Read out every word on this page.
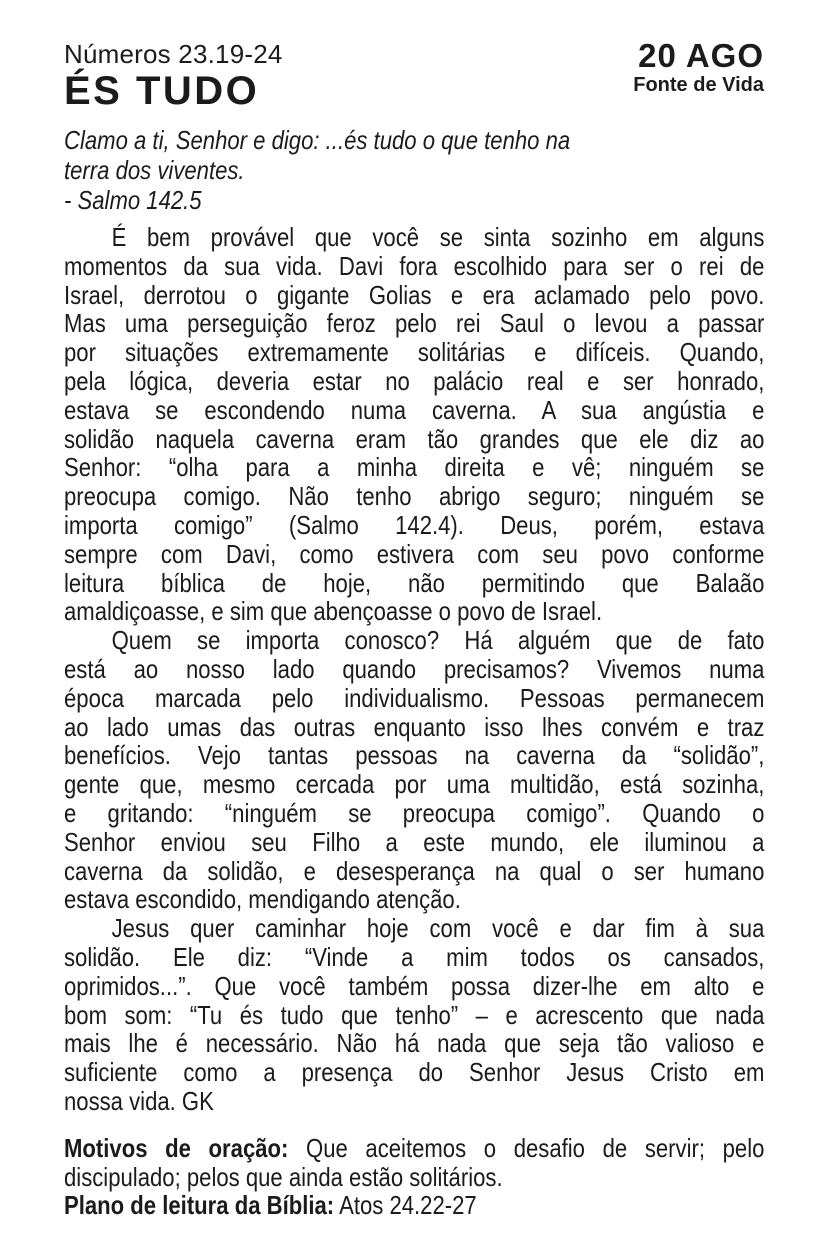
Números 23.19-24
ÉS TUDO
20 AGO
Fonte de Vida
Clamo a ti, Senhor e digo: ...és tudo o que tenho na
terra dos viventes.
- Salmo 142.5
É bem provável que você se sinta sozinho em alguns
momentos da sua vida. Davi fora escolhido para ser o rei de
Israel, derrotou o gigante Golias e era aclamado pelo povo.
Mas uma perseguição feroz pelo rei Saul o levou a passar
por situações extremamente solitárias e difíceis. Quando,
pela lógica, deveria estar no palácio real e ser honrado,
estava se escondendo numa caverna. A sua angústia e
solidão naquela caverna eram tão grandes que ele diz ao
Senhor: “olha para a minha direita e vê; ninguém se
preocupa comigo. Não tenho abrigo seguro; ninguém se
importa comigo” (Salmo 142.4). Deus, porém, estava
sempre com Davi, como estivera com seu povo conforme
leitura bíblica de hoje, não permitindo que Balaão
amaldiçoasse, e sim que abençoasse o povo de Israel.
Quem se importa conosco? Há alguém que de fato
está ao nosso lado quando precisamos? Vivemos numa
época marcada pelo individualismo. Pessoas permanecem
ao lado umas das outras enquanto isso lhes convém e traz
benefícios. Vejo tantas pessoas na caverna da “solidão”,
gente que, mesmo cercada por uma multidão, está sozinha,
e gritando: “ninguém se preocupa comigo”. Quando o
Senhor enviou seu Filho a este mundo, ele iluminou a
caverna da solidão, e desesperança na qual o ser humano
estava escondido, mendigando atenção.
Jesus quer caminhar hoje com você e dar fim à sua
solidão. Ele diz: “Vinde a mim todos os cansados,
oprimidos...”. Que você também possa dizer-lhe em alto e
bom som: “Tu és tudo que tenho” – e acrescento que nada
mais lhe é necessário. Não há nada que seja tão valioso e
suficiente como a presença do Senhor Jesus Cristo em
nossa vida. GK
Motivos de oração: Que aceitemos o desafio de servir; pelo
discipulado; pelos que ainda estão solitários.
Plano de leitura da Bíblia: Atos 24.22-27
